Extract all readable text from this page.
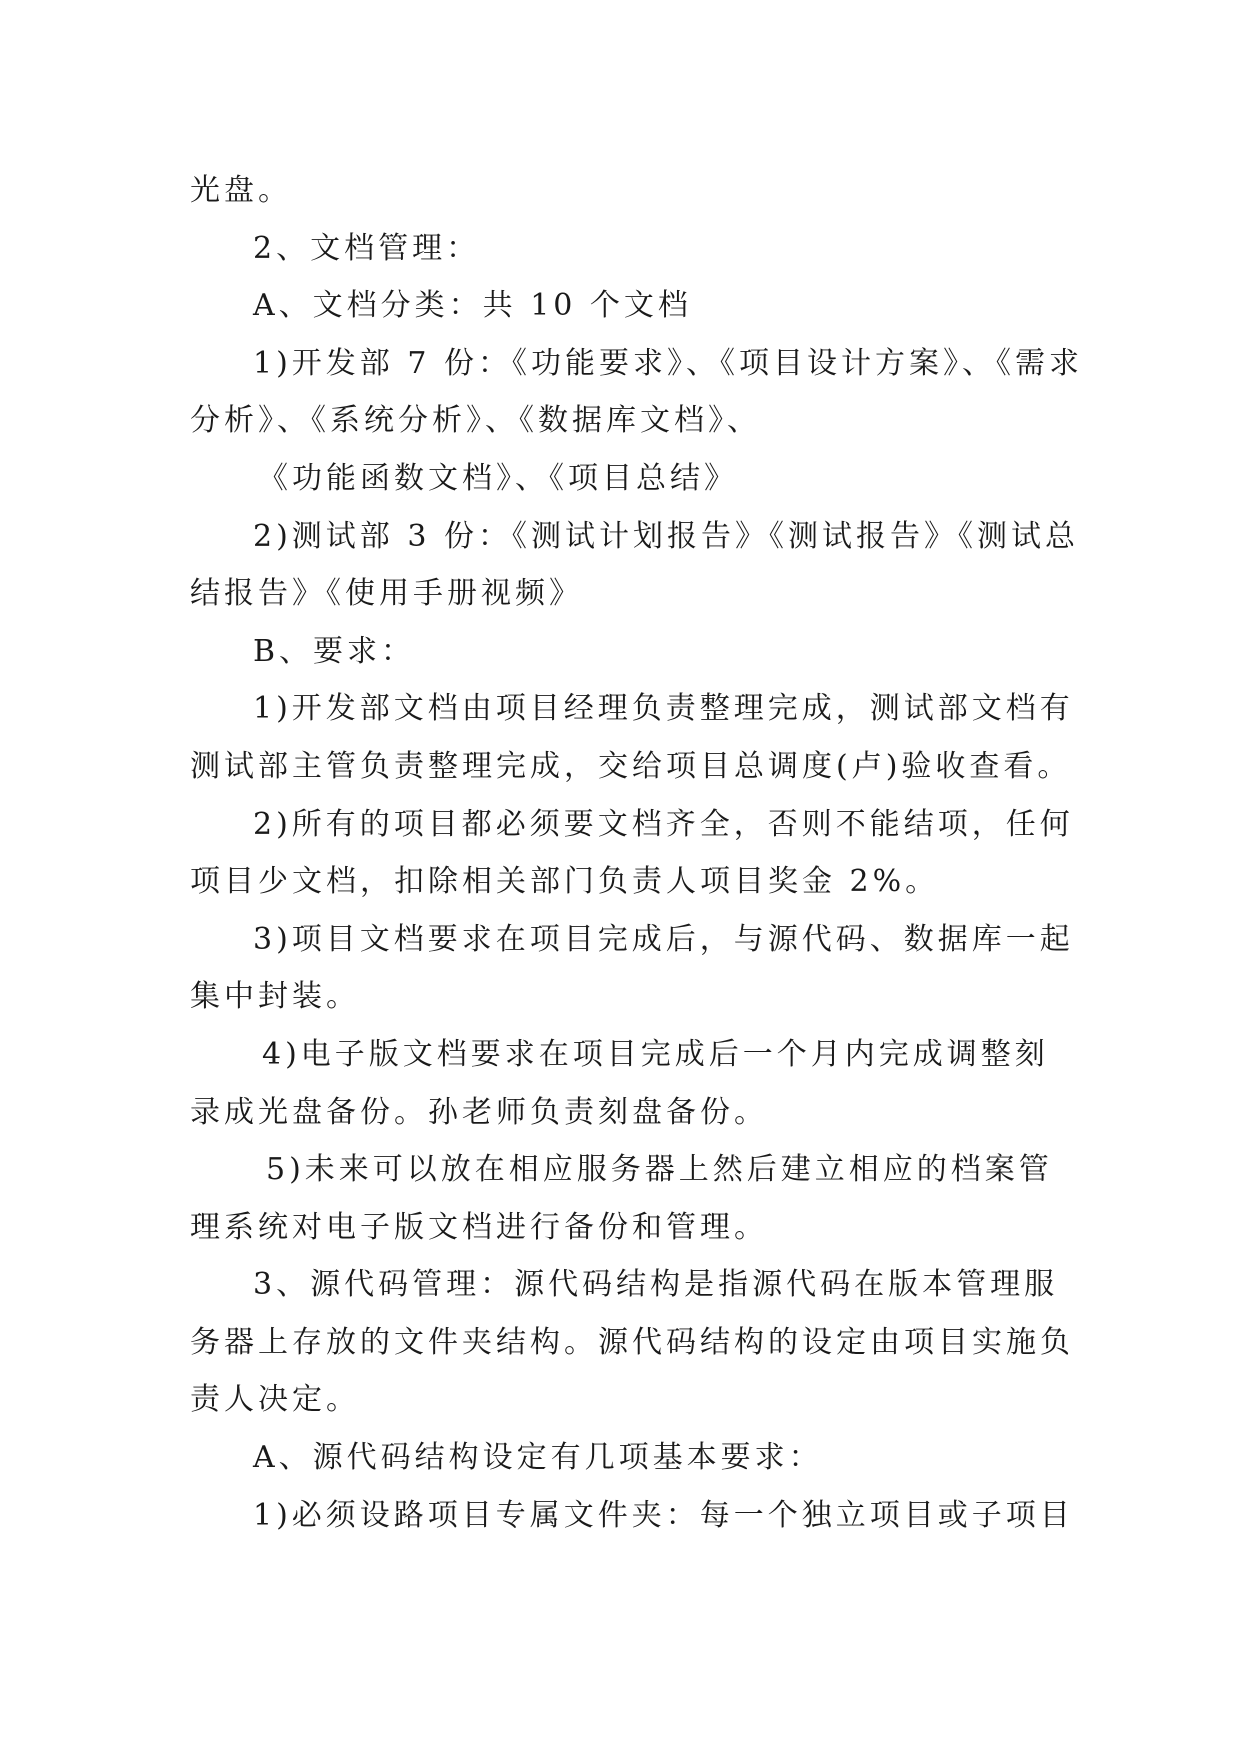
光盘。
2、文档管理：
A、文档分类：共 10 个文档
1)开发部 7 份：《功能要求》、《项目设计方案》、《需求
分析》、《系统分析》、《数据库文档》、
《功能函数文档》、《项目总结》
2)测试部 3 份：《测试计划报告》《测试报告》《测试总
结报告》《使用手册视频》
B、要求：
1)开发部文档由项目经理负责整理完成，测试部文档有
测试部主管负责整理完成，交给项目总调度(卢)验收查看。
2)所有的项目都必须要文档齐全，否则不能结项，任何
项目少文档，扣除相关部门负责人项目奖金 2%。
3)项目文档要求在项目完成后，与源代码、数据库一起
集中封装。
4)电子版文档要求在项目完成后一个月内完成调整刻
录成光盘备份。孙老师负责刻盘备份。
5)未来可以放在相应服务器上然后建立相应的档案管
理系统对电子版文档进行备份和管理。
3、源代码管理：源代码结构是指源代码在版本管理服
务器上存放的文件夹结构。源代码结构的设定由项目实施负
责人决定。
A、源代码结构设定有几项基本要求：
1)必须设路项目专属文件夹：每一个独立项目或子项目
